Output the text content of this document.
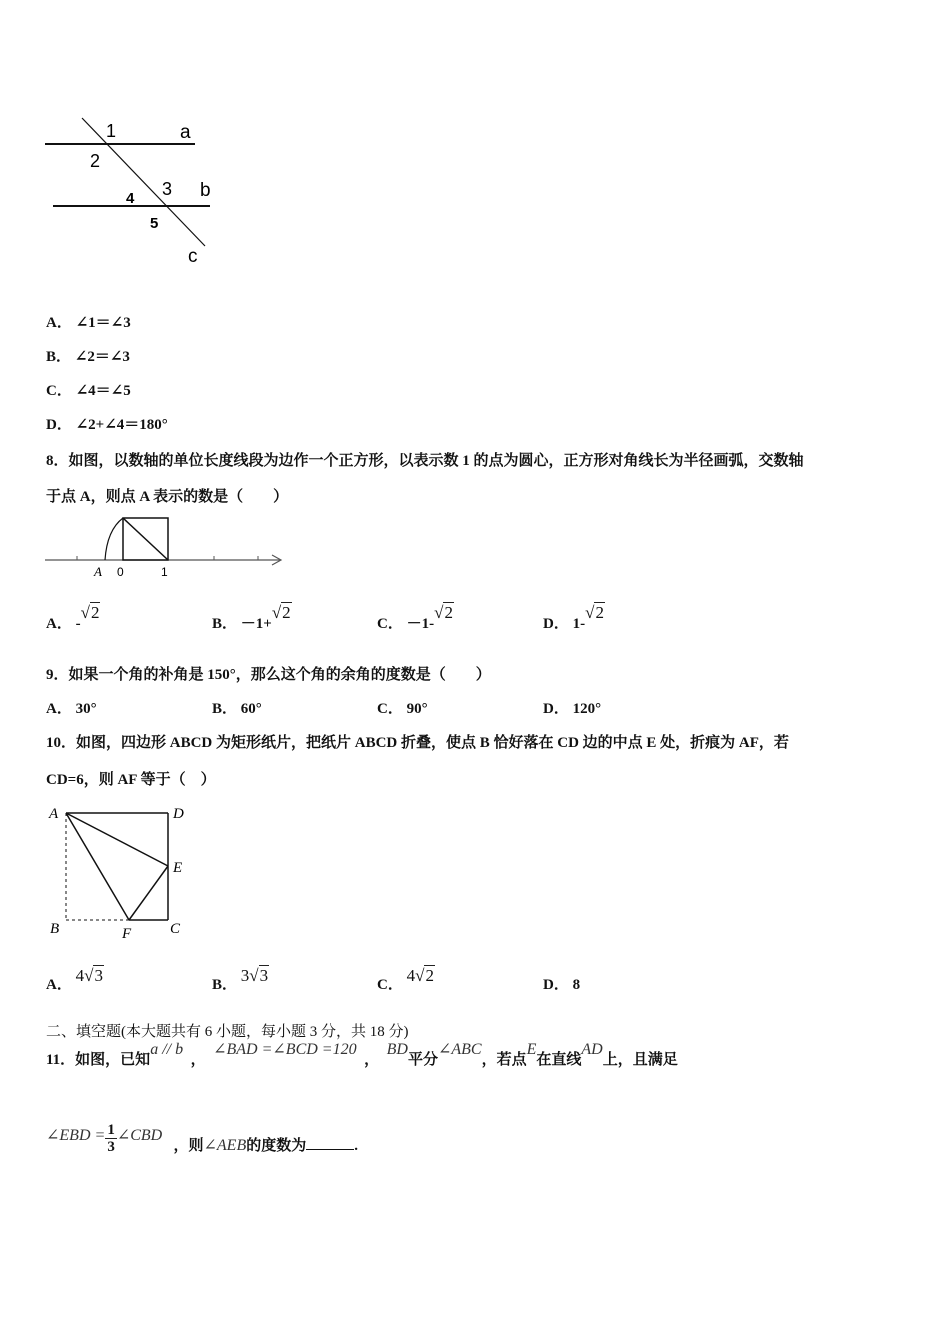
1
2
3
4
5
a
b
c
A． ∠1＝∠3
B． ∠2＝∠3
C． ∠4＝∠5
D． ∠2+∠4＝180°
8．如图，以数轴的单位长度线段为边作一个正方形，以表示数 1 的点为圆心，正方形对角线长为半径画弧，交数轴
于点 A，则点 A 表示的数是（　　）
A 0	1
A． -√2
B． －1+√2
C． －1-√2
D． 1-√2
9．如果一个角的补角是 150°，那么这个角的余角的度数是（　　）
A． 30°	B． 60°	C． 90°	D． 120°
10．如图，四边形 ABCD 为矩形纸片，把纸片 ABCD 折叠，使点 B 恰好落在 CD 边的中点 E 处，折痕为 AF，若
CD=6，则 AF 等于（　）
A	D
E
B	F	C
A． 4√3	B． 3√3	C． 4√2	D． 8
二、填空题(本大题共有 6 小题，每小题 3 分，共 18 分)
11．如图，已知a // b  ，  ∠BAD =∠BCD =120  ，  BD平分∠ABC，若点E在直线AD上，且满足
∠EBD = $\frac{1}{3}$ ∠CBD   ，则∠AEB的度数为	.
